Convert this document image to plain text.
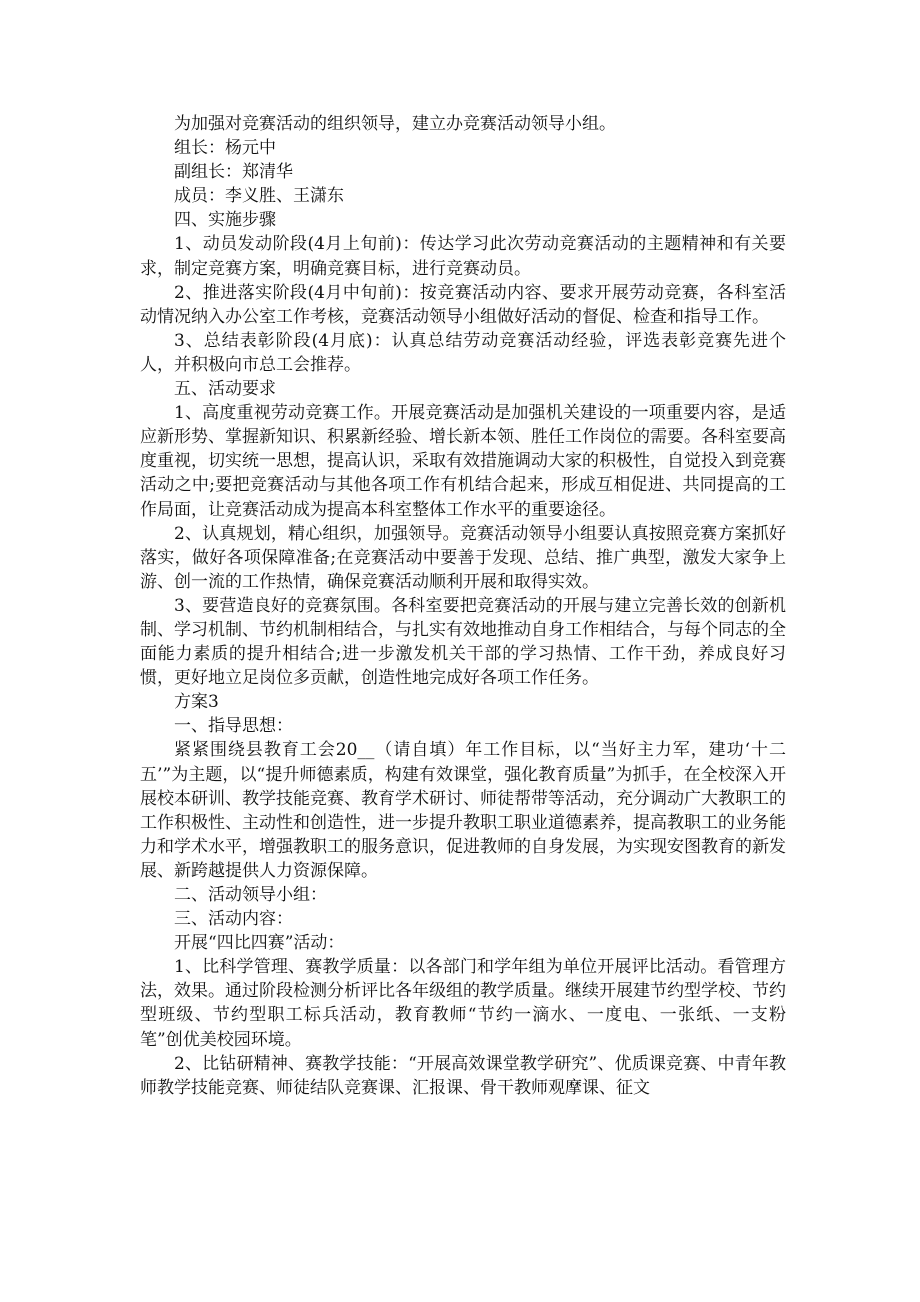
为加强对竞赛活动的组织领导，建立办竞赛活动领导小组。

组长：杨元中

副组长：郑清华

成员：李义胜、王潇东

四、实施步骤

1、动员发动阶段(4月上旬前)：传达学习此次劳动竞赛活动的主题精神和有关要求，制定竞赛方案，明确竞赛目标，进行竞赛动员。

2、推进落实阶段(4月中旬前)：按竞赛活动内容、要求开展劳动竞赛，各科室活动情况纳入办公室工作考核，竞赛活动领导小组做好活动的督促、检查和指导工作。

3、总结表彰阶段(4月底)：认真总结劳动竞赛活动经验，评选表彰竞赛先进个人，并积极向市总工会推荐。

五、活动要求

1、高度重视劳动竞赛工作。开展竞赛活动是加强机关建设的一项重要内容，是适应新形势、掌握新知识、积累新经验、增长新本领、胜任工作岗位的需要。各科室要高度重视，切实统一思想，提高认识，采取有效措施调动大家的积极性，自觉投入到竞赛活动之中;要把竞赛活动与其他各项工作有机结合起来，形成互相促进、共同提高的工作局面，让竞赛活动成为提高本科室整体工作水平的重要途径。

2、认真规划，精心组织，加强领导。竞赛活动领导小组要认真按照竞赛方案抓好落实，做好各项保障准备;在竞赛活动中要善于发现、总结、推广典型，激发大家争上游、创一流的工作热情，确保竞赛活动顺利开展和取得实效。

3、要营造良好的竞赛氛围。各科室要把竞赛活动的开展与建立完善长效的创新机制、学习机制、节约机制相结合，与扎实有效地推动自身工作相结合，与每个同志的全面能力素质的提升相结合;进一步激发机关干部的学习热情、工作干劲，养成良好习惯，更好地立足岗位多贡献，创造性地完成好各项工作任务。

方案3

一、指导思想：

紧紧围绕县教育工会20__（请自填）年工作目标，以“当好主力军，建功‘十二五’”为主题，以“提升师德素质，构建有效课堂，强化教育质量”为抓手，在全校深入开展校本研训、教学技能竞赛、教育学术研讨、师徒帮带等活动，充分调动广大教职工的工作积极性、主动性和创造性，进一步提升教职工职业道德素养，提高教职工的业务能力和学术水平，增强教职工的服务意识，促进教师的自身发展，为实现安图教育的新发展、新跨越提供人力资源保障。

二、活动领导小组：

三、活动内容：

开展“四比四赛”活动：

1、比科学管理、赛教学质量：以各部门和学年组为单位开展评比活动。看管理方法，效果。通过阶段检测分析评比各年级组的教学质量。继续开展建节约型学校、节约型班级、节约型职工标兵活动，教育教师“节约一滴水、一度电、一张纸、一支粉笔”创优美校园环境。

2、比钻研精神、赛教学技能：“开展高效课堂教学研究”、优质课竞赛、中青年教师教学技能竞赛、师徒结队竞赛课、汇报课、骨干教师观摩课、征文
